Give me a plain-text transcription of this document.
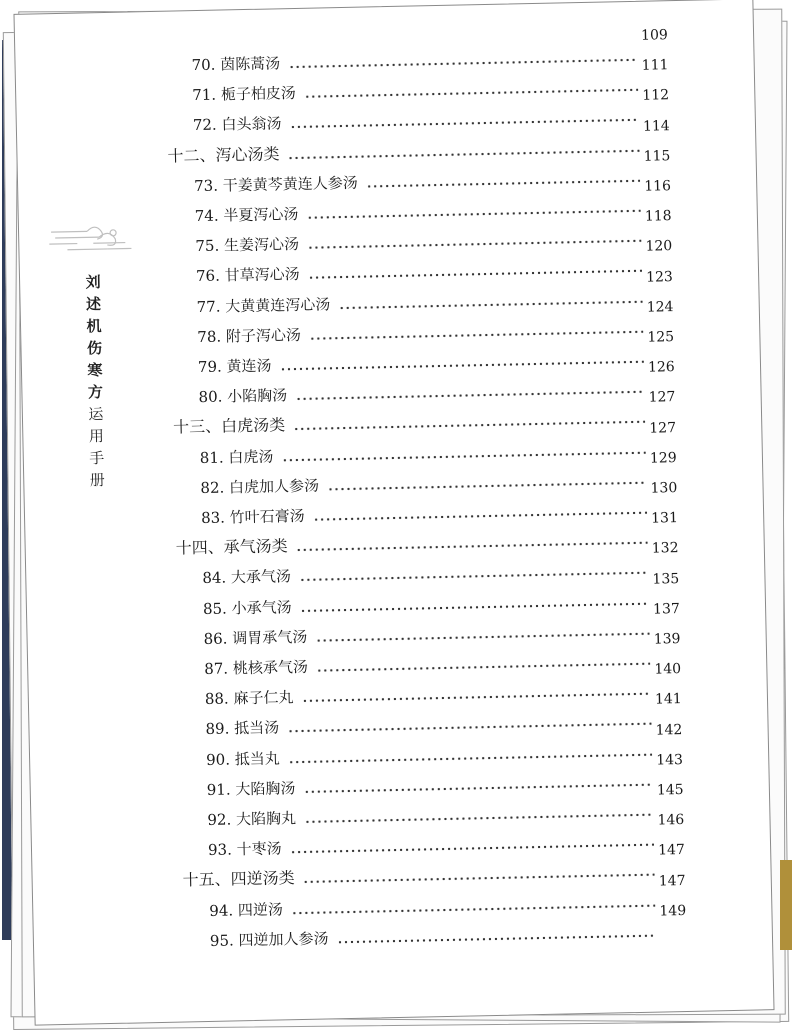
刘
述
机
伤
寒
方
运
用
手
册
70. 茵陈蒿汤
109
71. 栀子柏皮汤
111
72. 白头翁汤
112
十二、泻心汤类
114
73. 干姜黄芩黄连人参汤
115
74. 半夏泻心汤
116
75. 生姜泻心汤
118
76. 甘草泻心汤
120
77. 大黄黄连泻心汤
123
78. 附子泻心汤
124
79. 黄连汤
125
80. 小陷胸汤
126
十三、白虎汤类
127
81. 白虎汤
127
82. 白虎加人参汤
129
83. 竹叶石膏汤
130
十四、承气汤类
131
84. 大承气汤
132
85. 小承气汤
135
86. 调胃承气汤
137
87. 桃核承气汤
139
88. 麻子仁丸
140
89. 抵当汤
141
90. 抵当丸
142
91. 大陷胸汤
143
92. 大陷胸丸
145
93. 十枣汤
146
十五、四逆汤类
147
94. 四逆汤
147
95. 四逆加人参汤
149
